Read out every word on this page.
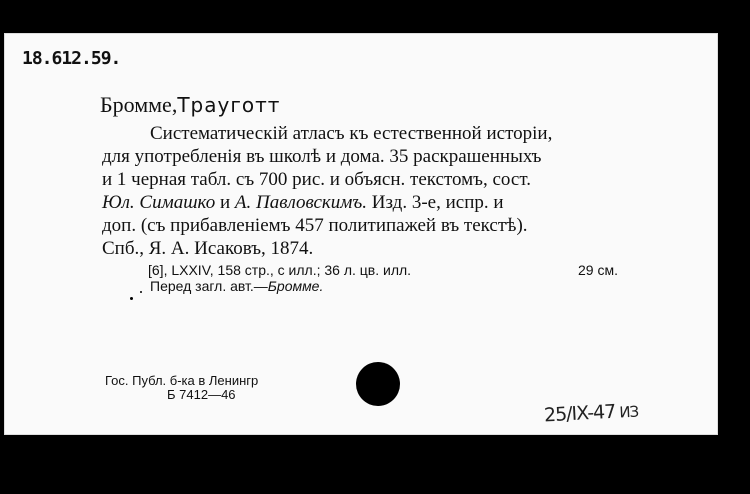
18.612.59.
Бромме,Трауготт
Систематическій атласъ къ естественной исторіи,
для употребленія въ школѣ и дома. 35 раскрашенныхъ
и 1 черная табл. съ 700 рис. и объясн. текстомъ, сост.
Юл. Симашко и А. Павловскимъ. Изд. 3-е, испр. и
доп. (съ прибавленіемъ 457 политипажей въ текстѣ).
Спб., Я. А. Исаковъ, 1874.
[6], LXXIV, 158 стр., с илл.; 36 л. цв. илл.	29 см.
Перед загл. авт.—Бромме.
Гос. Публ. б-ка в Ленингр
Б 7412—46
25/IX-47 ИЗ
